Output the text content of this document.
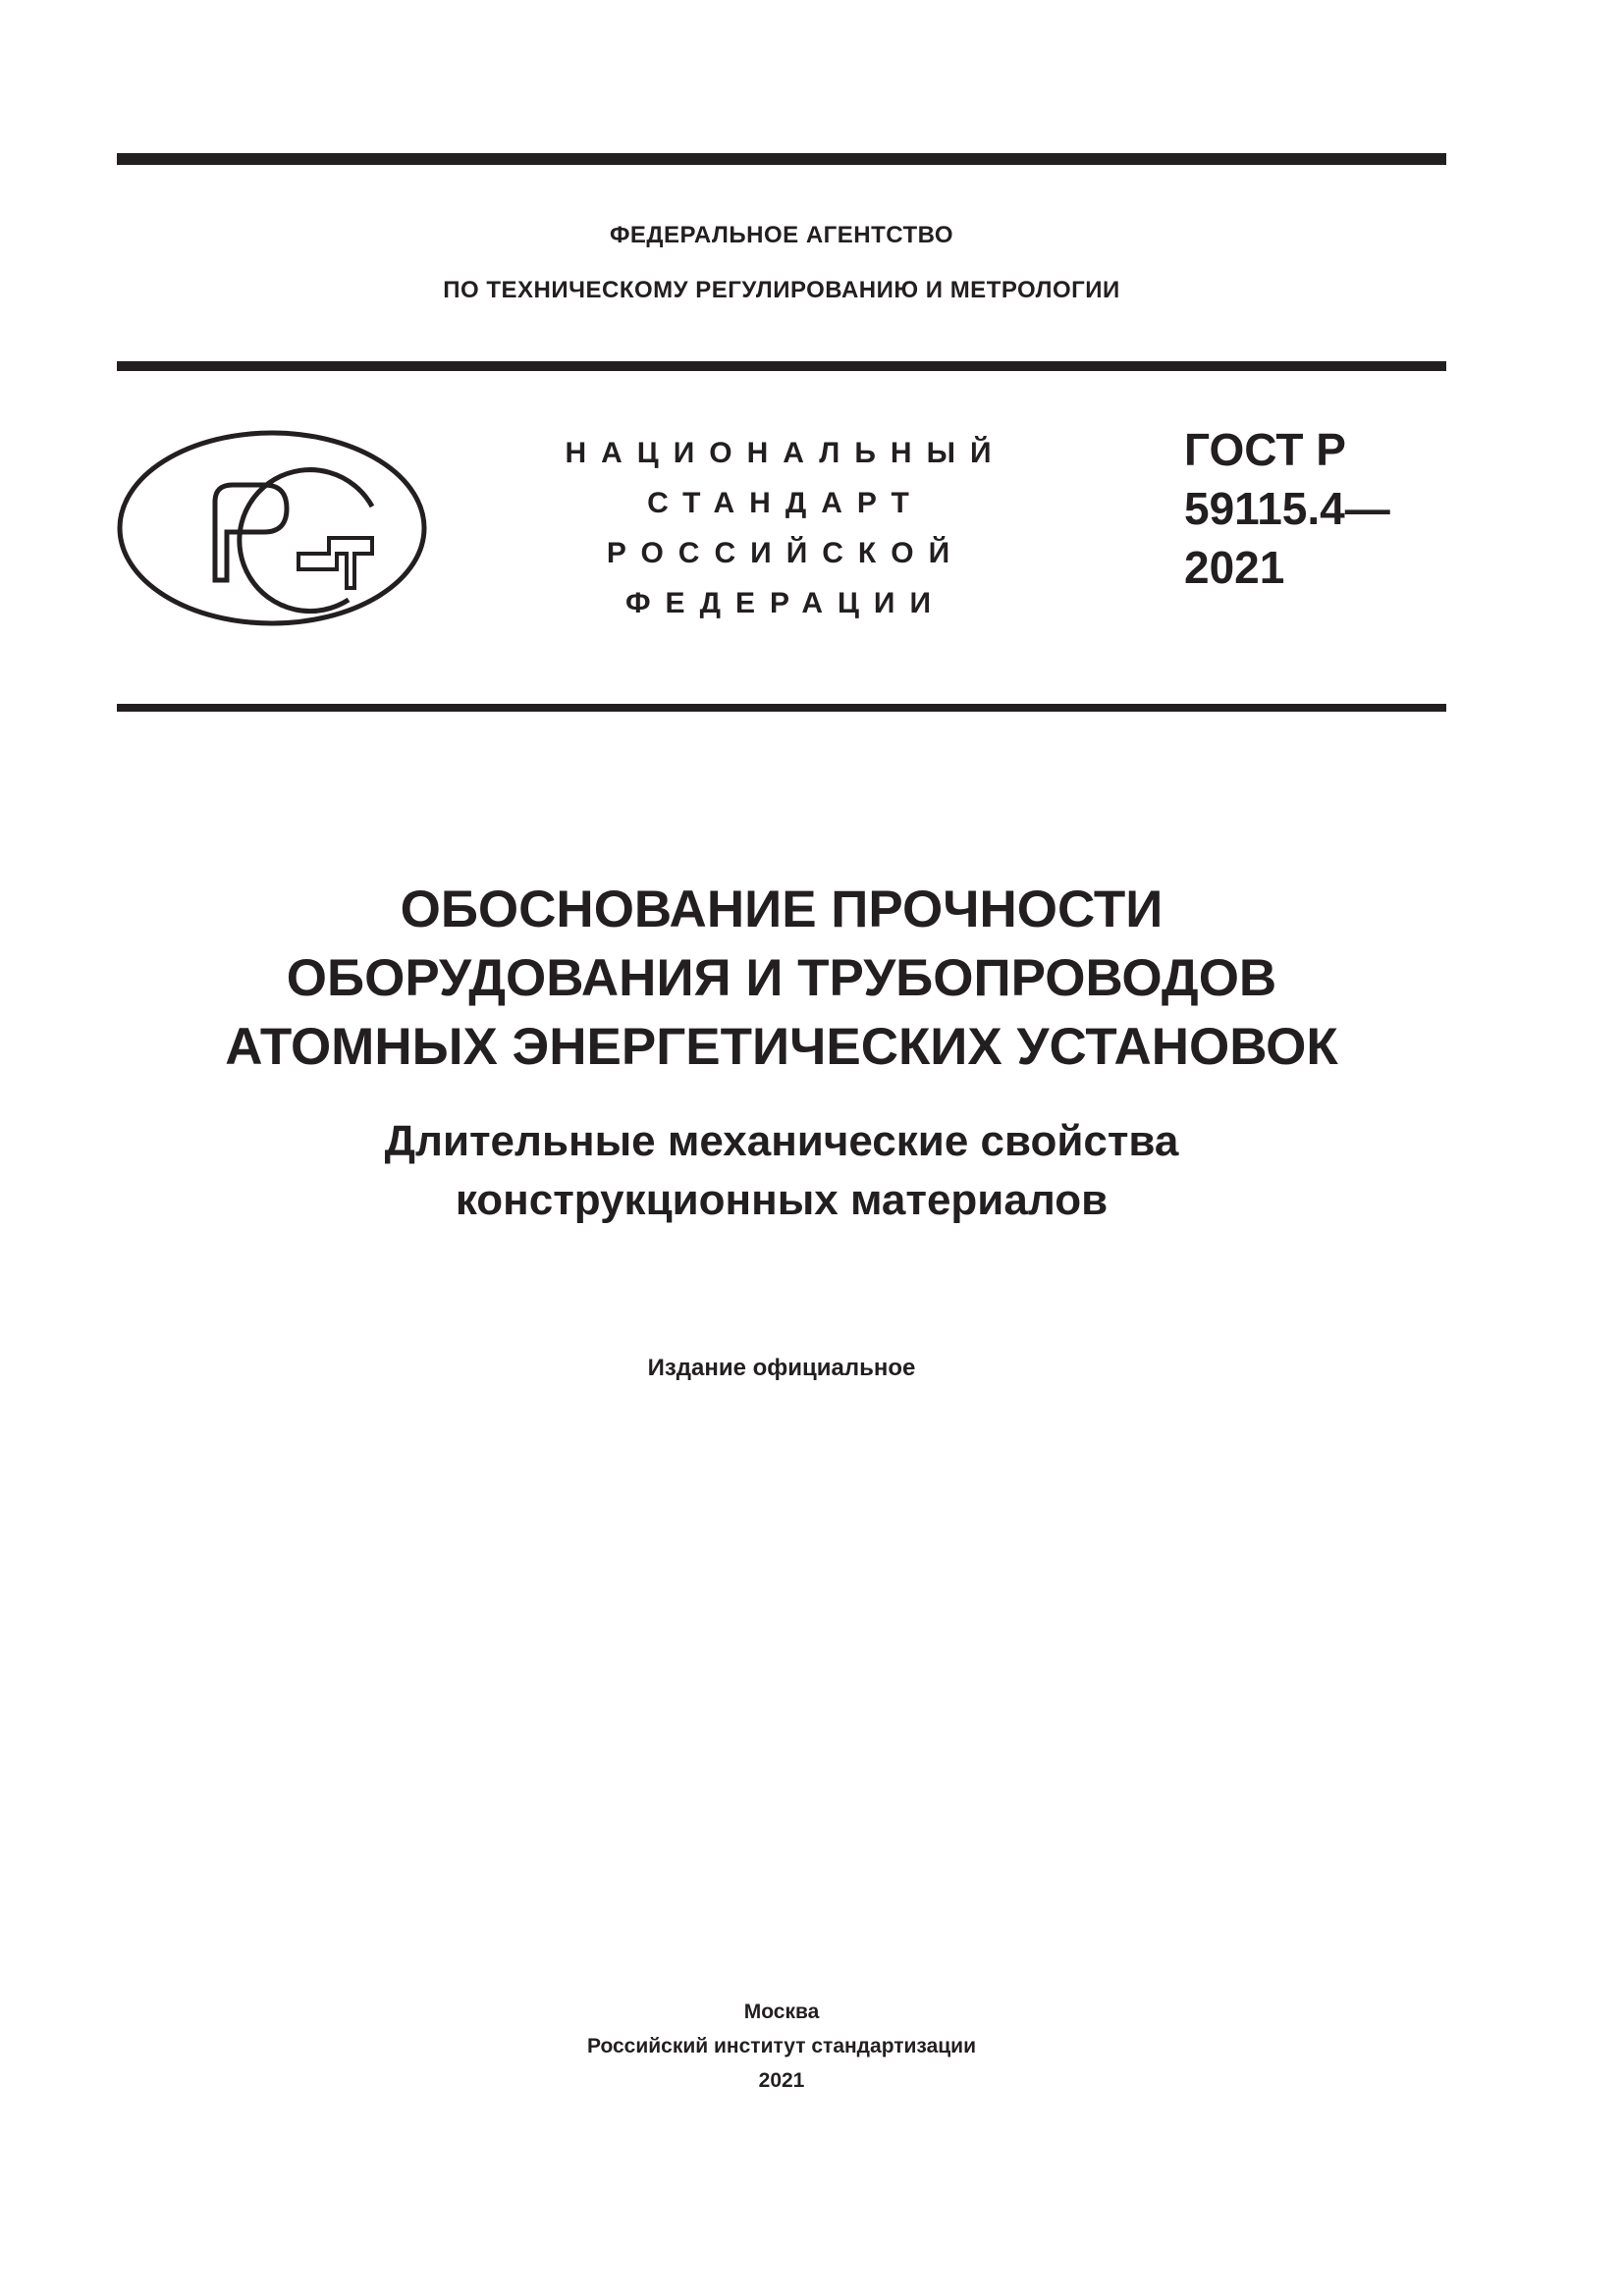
ФЕДЕРАЛЬНОЕ АГЕНТСТВО
ПО ТЕХНИЧЕСКОМУ РЕГУЛИРОВАНИЮ И МЕТРОЛОГИИ
НАЦИОНАЛЬНЫЙ
СТАНДАРТ
РОССИЙСКОЙ
ФЕДЕРАЦИИ
ГОСТ Р
59115.4—
2021
ОБОСНОВАНИЕ ПРОЧНОСТИ
ОБОРУДОВАНИЯ И ТРУБОПРОВОДОВ
АТОМНЫХ ЭНЕРГЕТИЧЕСКИХ УСТАНОВОК
Длительные механические свойства
конструкционных материалов
Издание официальное
Москва
Российский институт стандартизации
2021
